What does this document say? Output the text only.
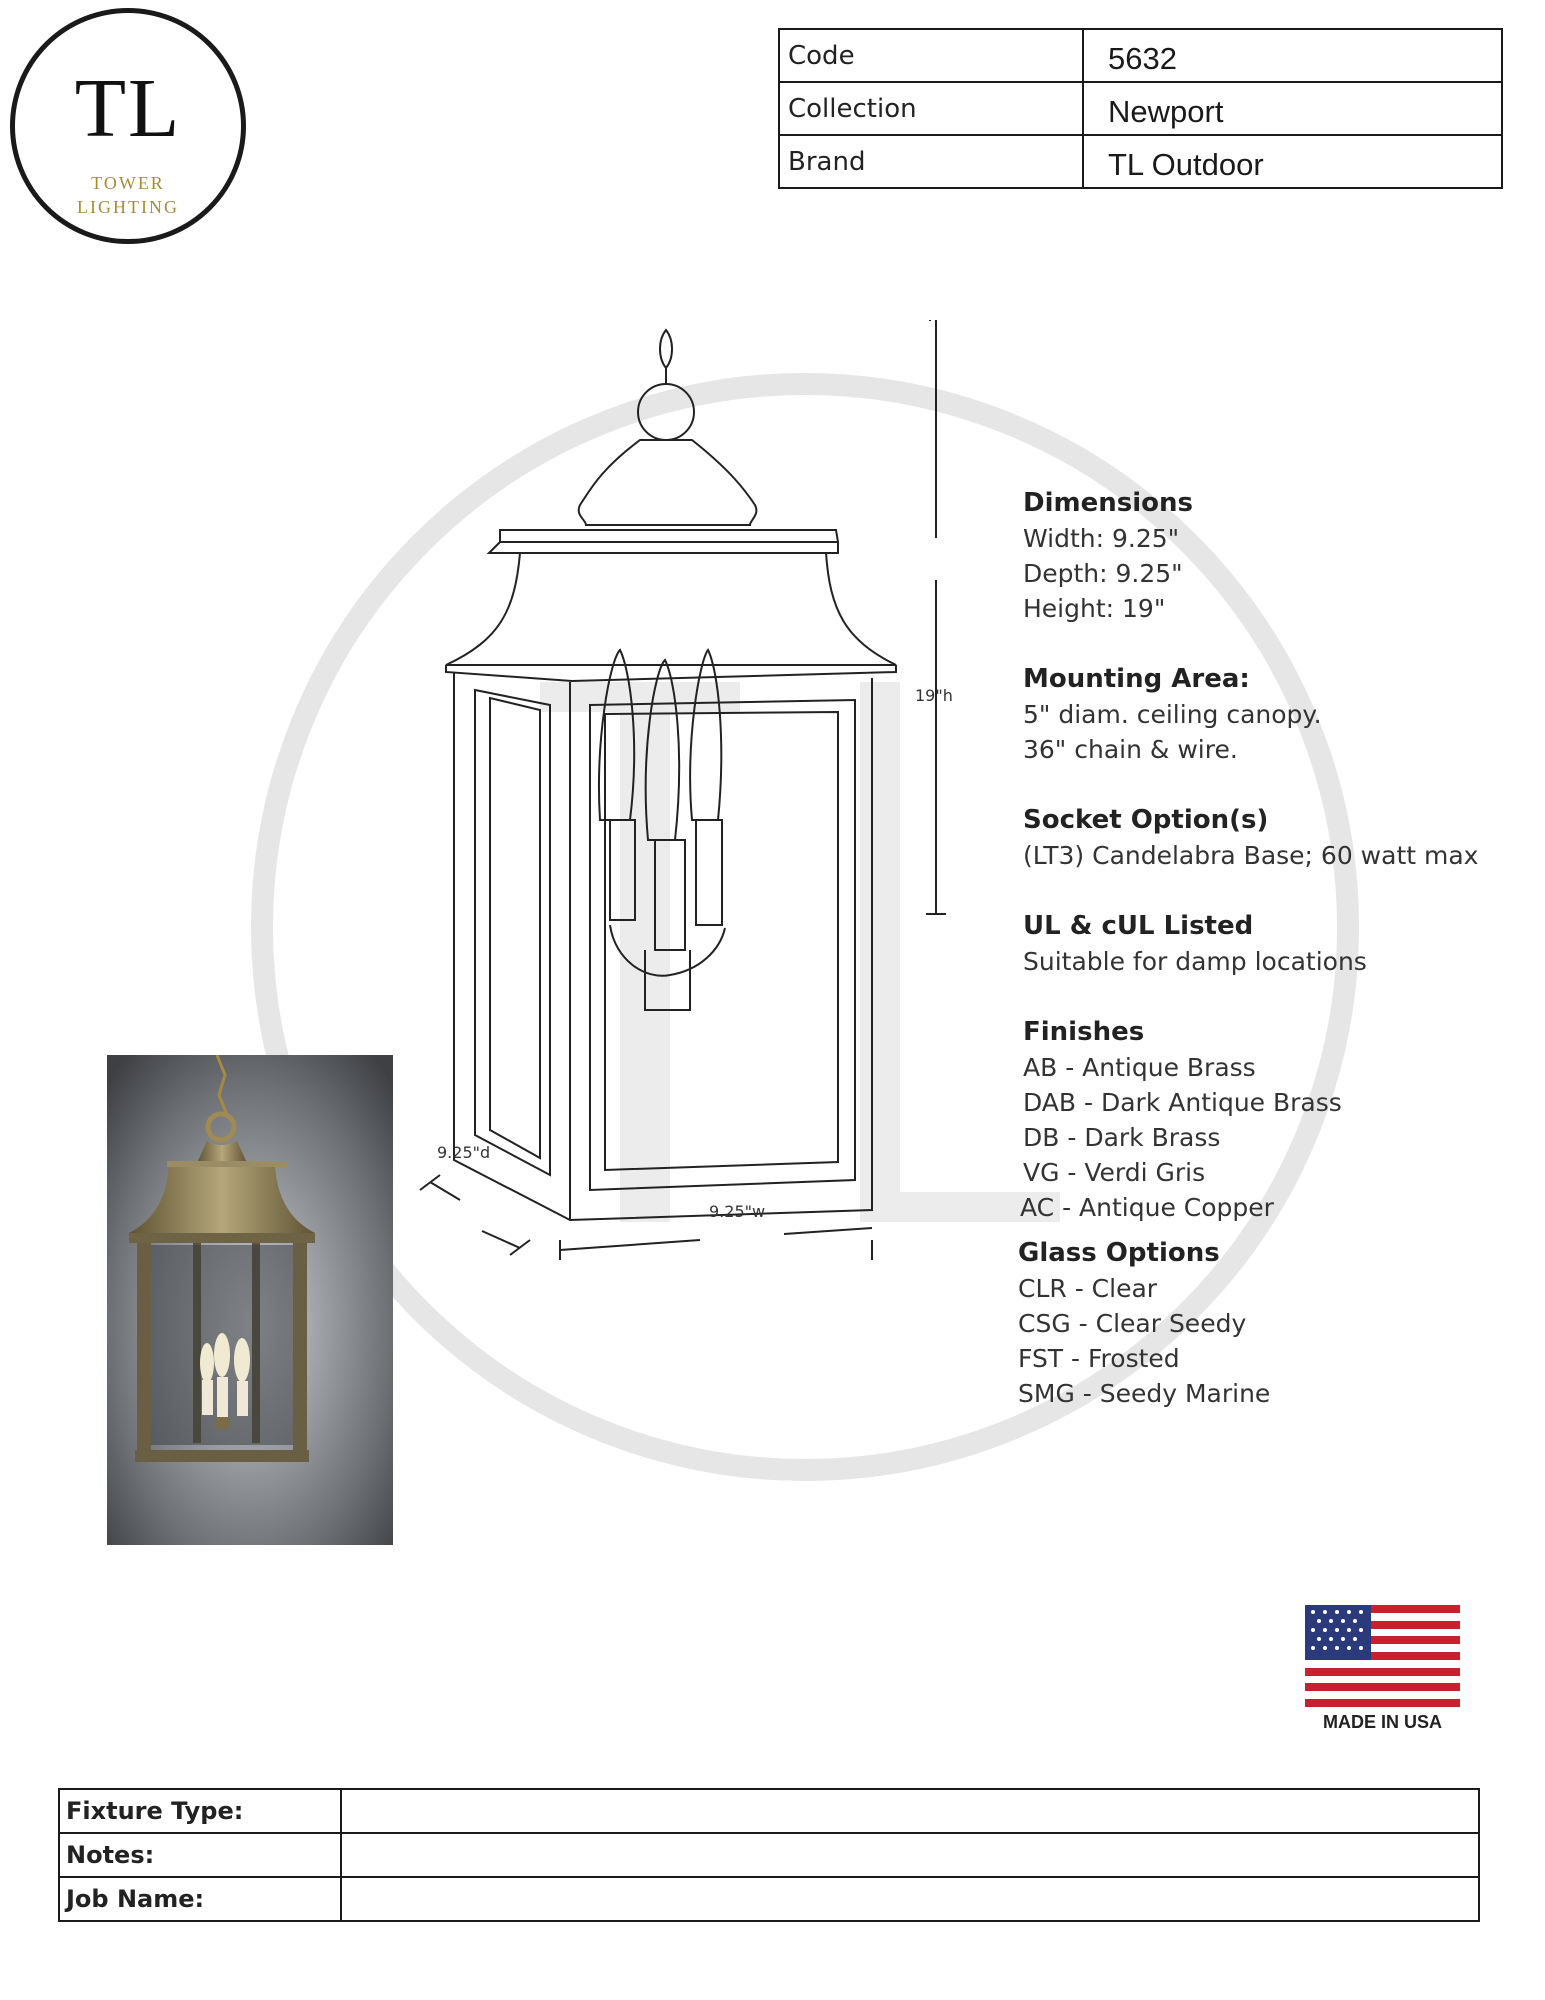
TL
TOWER
LIGHTING
Code	5632
Collection	Newport
Brand	TL Outdoor
19"h
9.25"d
9.25"w
Dimensions
Width: 9.25"
Depth: 9.25"
Height: 19"
Mounting Area:
5" diam. ceiling canopy.
36" chain & wire.
Socket Option(s)
(LT3) Candelabra Base; 60 watt max
UL & cUL Listed
Suitable for damp locations
Finishes
AB - Antique Brass
DAB - Dark Antique Brass
DB - Dark Brass
VG - Verdi Gris
AC - Antique Copper
Glass Options
CLR - Clear
CSG - Clear Seedy
FST - Frosted
SMG - Seedy Marine
MADE IN USA
Fixture Type:	
Notes:	
Job Name:	
